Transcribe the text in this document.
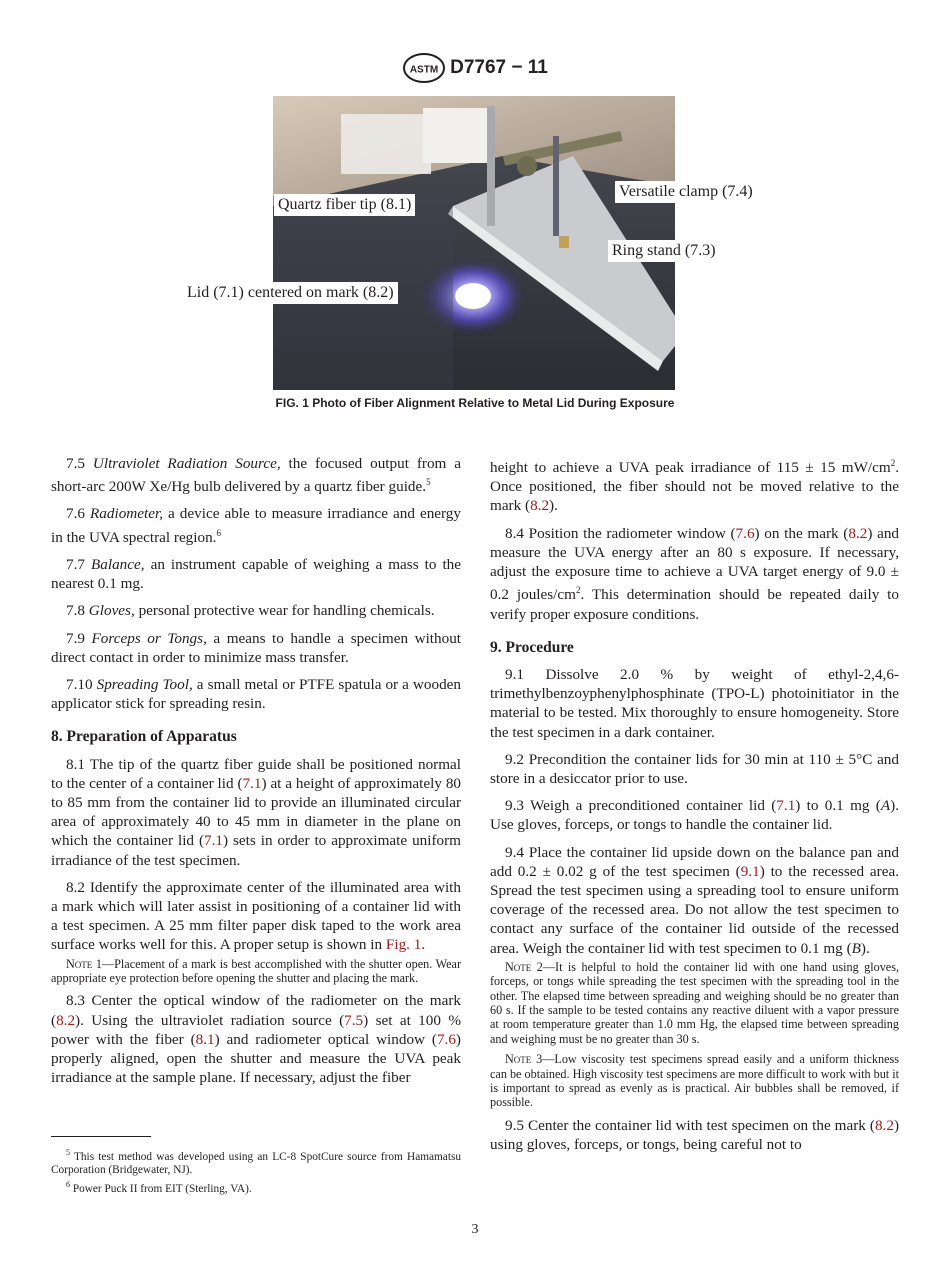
ASTM D7767 − 11
Quartz fiber tip (8.1)
Versatile clamp (7.4)
Ring stand (7.3)
Lid (7.1) centered on mark (8.2)
FIG. 1 Photo of Fiber Alignment Relative to Metal Lid During Exposure

7.5 Ultraviolet Radiation Source, the focused output from a short-arc 200W Xe/Hg bulb delivered by a quartz fiber guide.$^5$

7.6 Radiometer, a device able to measure irradiance and energy in the UVA spectral region.$^6$

7.7 Balance, an instrument capable of weighing a mass to the nearest 0.1 mg.

7.8 Gloves, personal protective wear for handling chemicals.

7.9 Forceps or Tongs, a means to handle a specimen without direct contact in order to minimize mass transfer.

7.10 Spreading Tool, a small metal or PTFE spatula or a wooden applicator stick for spreading resin.

8. Preparation of Apparatus

8.1 The tip of the quartz fiber guide shall be positioned normal to the center of a container lid (7.1) at a height of approximately 80 to 85 mm from the container lid to provide an illuminated circular area of approximately 40 to 45 mm in diameter in the plane on which the container lid (7.1) sets in order to approximate uniform irradiance of the test specimen.

8.2 Identify the approximate center of the illuminated area with a mark which will later assist in positioning of a container lid with a test specimen. A 25 mm filter paper disk taped to the work area surface works well for this. A proper setup is shown in Fig. 1.

Note 1—Placement of a mark is best accomplished with the shutter open. Wear appropriate eye protection before opening the shutter and placing the mark.

8.3 Center the optical window of the radiometer on the mark (8.2). Using the ultraviolet radiation source (7.5) set at 100 % power with the fiber (8.1) and radiometer optical window (7.6) properly aligned, open the shutter and measure the UVA peak irradiance at the sample plane. If necessary, adjust the fiber

$^5$ This test method was developed using an LC-8 SpotCure source from Hamamatsu Corporation (Bridgewater, NJ).

$^6$ Power Puck II from EIT (Sterling, VA).

height to achieve a UVA peak irradiance of 115 ± 15 $mW/cm^2$. Once positioned, the fiber should not be moved relative to the mark (8.2).

8.4 Position the radiometer window (7.6) on the mark (8.2) and measure the UVA energy after an 80 s exposure. If necessary, adjust the exposure time to achieve a UVA target energy of 9.0 ± 0.2 joules/$cm^2$. This determination should be repeated daily to verify proper exposure conditions.

9. Procedure

9.1 Dissolve 2.0 % by weight of ethyl-2,4,6-trimethylbenzoyphenylphosphinate (TPO-L) photoinitiator in the material to be tested. Mix thoroughly to ensure homogeneity. Store the test specimen in a dark container.

9.2 Precondition the container lids for 30 min at 110 ± 5°C and store in a desiccator prior to use.

9.3 Weigh a preconditioned container lid (7.1) to 0.1 mg (A). Use gloves, forceps, or tongs to handle the container lid.

9.4 Place the container lid upside down on the balance pan and add 0.2 ± 0.02 g of the test specimen (9.1) to the recessed area. Spread the test specimen using a spreading tool to ensure uniform coverage of the recessed area. Do not allow the test specimen to contact any surface of the container lid outside of the recessed area. Weigh the container lid with test specimen to 0.1 mg (B).

Note 2—It is helpful to hold the container lid with one hand using gloves, forceps, or tongs while spreading the test specimen with the spreading tool in the other. The elapsed time between spreading and weighing should be no greater than 60 s. If the sample to be tested contains any reactive diluent with a vapor pressure at room temperature greater than 1.0 mm Hg, the elapsed time between spreading and weighing must be no greater than 30 s.

Note 3—Low viscosity test specimens spread easily and a uniform thickness can be obtained. High viscosity test specimens are more difficult to work with but it is important to spread as evenly as is practical. Air bubbles shall be removed, if possible.

9.5 Center the container lid with test specimen on the mark (8.2) using gloves, forceps, or tongs, being careful not to

3
